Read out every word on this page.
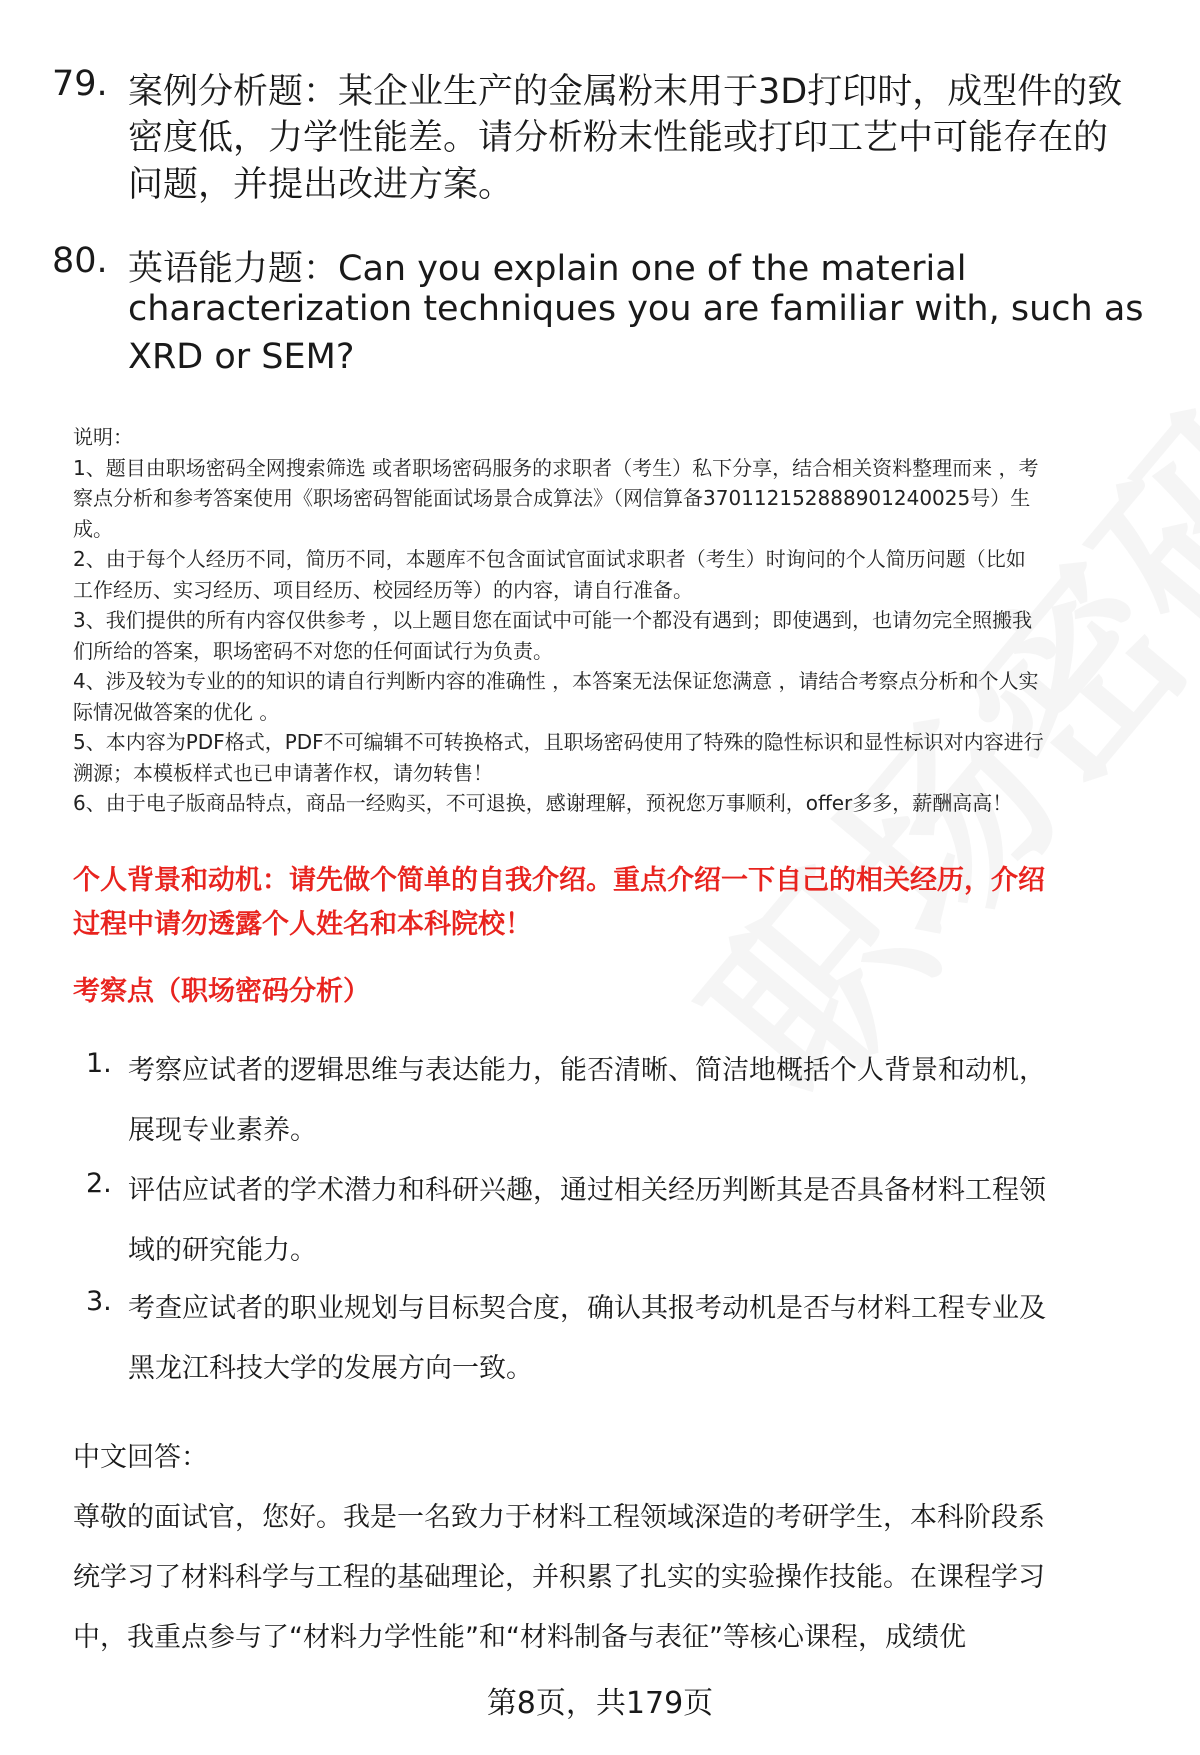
79. 案例分析题：某企业生产的金属粉末用于3D打印时，成型件的致
密度低，力学性能差。请分析粉末性能或打印工艺中可能存在的
问题，并提出改进方案。
80. 英语能力题：Can you explain one of the material
characterization techniques you are familiar with, such as
XRD or SEM?
说明：
1、题目由职场密码全网搜索筛选 或者职场密码服务的求职者（考生）私下分享，结合相关资料整理而来 ，考
察点分析和参考答案使用《职场密码智能面试场景合成算法》（网信算备370112152888901240025号）生
成。
2、由于每个人经历不同，简历不同，本题库不包含面试官面试求职者（考生）时询问的个人简历问题（比如
工作经历、实习经历、项目经历、校园经历等）的内容，请自行准备。
3、我们提供的所有内容仅供参考 ，以上题目您在面试中可能一个都没有遇到；即使遇到，也请勿完全照搬我
们所给的答案，职场密码不对您的任何面试行为负责。
4、涉及较为专业的的知识的请自行判断内容的准确性 ，本答案无法保证您满意 ，请结合考察点分析和个人实
际情况做答案的优化 。
5、本内容为PDF格式，PDF不可编辑不可转换格式，且职场密码使用了特殊的隐性标识和显性标识对内容进行
溯源；本模板样式也已申请著作权，请勿转售！
6、由于电子版商品特点，商品一经购买，不可退换，感谢理解，预祝您万事顺利，offer多多，薪酬高高！
个人背景和动机：请先做个简单的自我介绍。重点介绍一下自己的相关经历，介绍
过程中请勿透露个人姓名和本科院校！
考察点（职场密码分析）
1. 考察应试者的逻辑思维与表达能力，能否清晰、简洁地概括个人背景和动机，
展现专业素养。
2. 评估应试者的学术潜力和科研兴趣，通过相关经历判断其是否具备材料工程领
域的研究能力。
3. 考查应试者的职业规划与目标契合度，确认其报考动机是否与材料工程专业及
黑龙江科技大学的发展方向一致。
中文回答：
尊敬的面试官，您好。我是一名致力于材料工程领域深造的考研学生，本科阶段系
统学习了材料科学与工程的基础理论，并积累了扎实的实验操作技能。在课程学习
中，我重点参与了“材料力学性能”和“材料制备与表征”等核心课程，成绩优
第8页，共179页
